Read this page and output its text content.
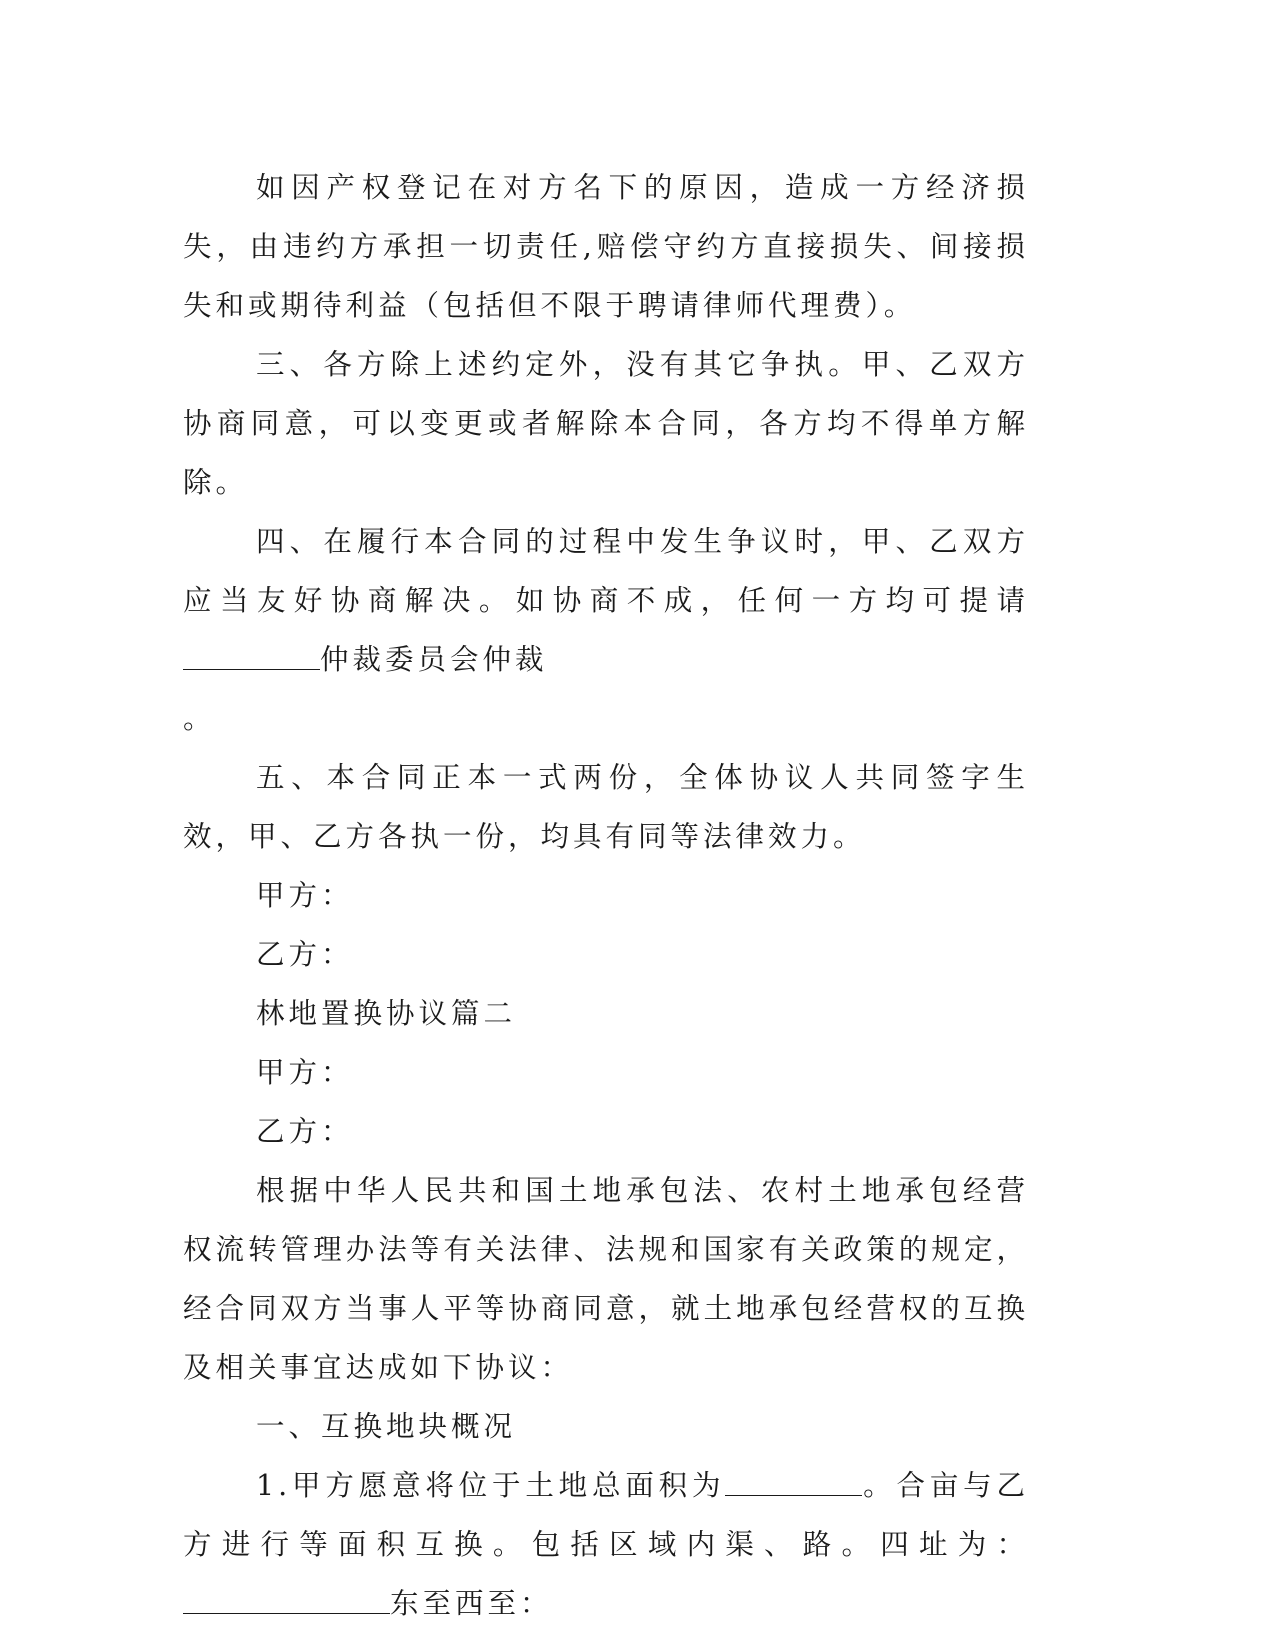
如因产权登记在对方名下的原因，造成一方经济损失，由违约方承担一切责任,赔偿守约方直接损失、间接损失和或期待利益（包括但不限于聘请律师代理费）。

三、各方除上述约定外，没有其它争执。甲、乙双方协商同意，可以变更或者解除本合同，各方均不得单方解除。

四、在履行本合同的过程中发生争议时，甲、乙双方应当友好协商解决。如协商不成，任何一方均可提请仲裁委员会仲裁

。

五、本合同正本一式两份，全体协议人共同签字生效，甲、乙方各执一份，均具有同等法律效力。

甲方：

乙方：

林地置换协议篇二

甲方：

乙方：

根据中华人民共和国土地承包法、农村土地承包经营权流转管理办法等有关法律、法规和国家有关政策的规定，经合同双方当事人平等协商同意，就土地承包经营权的互换及相关事宜达成如下协议：

一、互换地块概况

1.甲方愿意将位于土地总面积为	。合亩与乙方进行等面积互换。包括区域内渠、路。四址为：东至西至：
